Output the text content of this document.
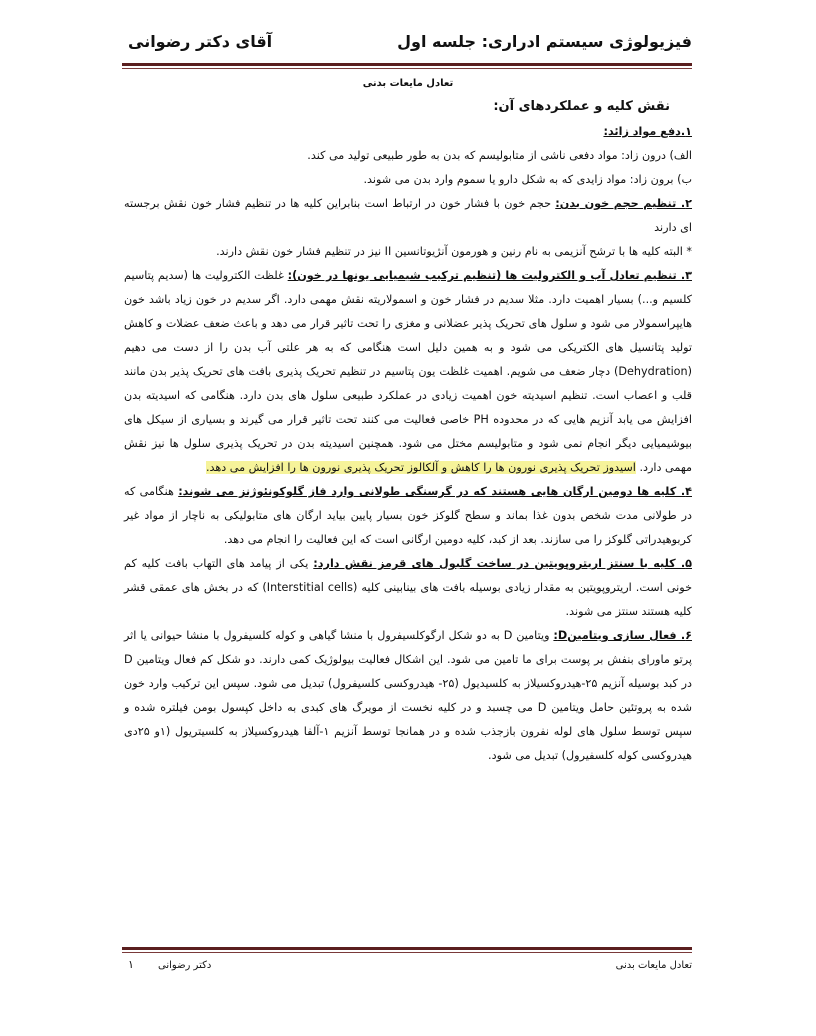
فیزیولوژی سیستم ادراری: جلسه اول
آقای دکتر رضوانی
تعادل مایعات بدنی
نقش کلیه و عملکردهای آن:

۱.دفع مواد زائد:

الف) درون زاد: مواد دفعی ناشی از متابولیسم که بدن به طور طبیعی تولید می کند.

ب) برون زاد: مواد زایدی که به شکل دارو یا سموم وارد بدن می شوند.

۲. تنظیم حجم خون بدن: حجم خون با فشار خون در ارتباط است بنابراین کلیه ها در تنظیم فشار خون نقش برجسته ای دارند

* البته کلیه ها با ترشح آنزیمی به نام رنین و هورمون آنژیوتانسین II نیز در تنظیم فشار خون نقش دارند.

۳. تنظیم تعادل آب و الکترولیت ها (تنظیم ترکیب شیمیایی یونها در خون): غلظت الکترولیت ها (سدیم پتاسیم کلسیم و...) بسیار اهمیت دارد. مثلا سدیم در فشار خون و اسمولاریته نقش مهمی دارد. اگر سدیم در خون زیاد باشد خون هایپراسمولار می شود و سلول های تحریک پذیر عضلانی و مغزی را تحت تاثیر قرار می دهد و باعث ضعف عضلات و کاهش تولید پتانسیل های الکتریکی می شود و به همین دلیل است هنگامی که به هر علتی آب بدن را از دست می دهیم (Dehydration) دچار ضعف می شویم. اهمیت غلظت یون پتاسیم در تنظیم تحریک پذیری بافت های تحریک پذیر بدن مانند قلب و اعصاب است. تنظیم اسیدیته خون اهمیت زیادی در عملکرد طبیعی سلول های بدن دارد. هنگامی که اسیدیته بدن افزایش می یابد آنزیم هایی که در محدوده PH خاصی فعالیت می کنند تحت تاثیر قرار می گیرند و بسیاری از سیکل های بیوشیمیایی دیگر انجام نمی شود و متابولیسم مختل می شود. همچنین اسیدیته بدن در تحریک پذیری سلول ها نیز نقش مهمی دارد. اسیدوز تحریک پذیری نورون ها را کاهش و آلکالوز تحریک پذیری نورون ها را افزایش می دهد.

۴. کلیه ها دومین ارگان هایی هستند که در گرسنگی طولانی وارد فاز گلوکونئوژنز می شوند: هنگامی که در طولانی مدت شخص بدون غذا بماند و سطح گلوکز خون بسیار پایین بیاید ارگان های متابولیکی به ناچار از مواد غیر کربوهیدراتی گلوکز را می سازند. بعد از کبد، کلیه دومین ارگانی است که این فعالیت را انجام می دهد.

۵. کلیه با سنتز اریتروپویتین در ساخت گلبول های قرمز نقش دارد: یکی از پیامد های التهاب بافت کلیه کم خونی است. اریتروپویتین به مقدار زیادی بوسیله بافت های بینابینی کلیه (Interstitial cells) که در بخش های عمقی قشر کلیه هستند سنتز می شوند.

۶. فعال سازی ویتامینD: ویتامین D به دو شکل ارگوکلسیفرول با منشا گیاهی و کوله کلسیفرول با منشا حیوانی یا اثر پرتو ماورای بنفش بر پوست برای ما تامین می شود. این اشکال فعالیت بیولوژیک کمی دارند. دو شکل کم فعال ویتامین D در کبد بوسیله آنزیم ۲۵-هیدروکسیلاز به کلسیدیول (۲۵- هیدروکسی کلسیفرول) تبدیل می شود. سپس این ترکیب وارد خون شده به پروتئین حامل ویتامین D می چسبد و در کلیه نخست از مویرگ های کبدی به داخل کپسول بومن فیلتره شده و سپس توسط سلول های لوله نفرون بازجذب شده و در همانجا توسط آنزیم ۱-آلفا هیدروکسیلاز به کلسیتریول (۱و ۲۵دی هیدروکسی کوله کلسفیرول) تبدیل می شود.

تعادل مایعات بدنی
دکتر رضوانی
۱
